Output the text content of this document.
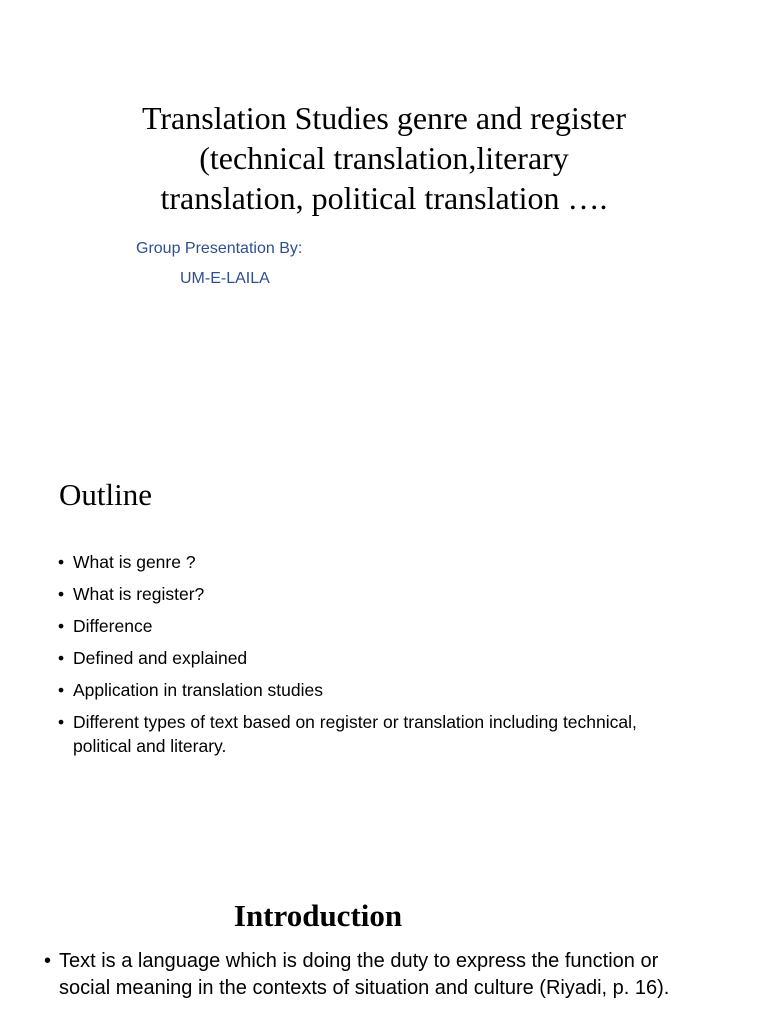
Translation Studies genre and register
(technical translation,literary
translation, political translation ….
Group Presentation By:
UM-E-LAILA
Outline
• What is genre ?
• What is register?
• Difference
• Defined and explained
• Application in translation studies
• Different types of text based on register or translation including technical, political and literary.
Introduction
• Text is a language which is doing the duty to express the function or social meaning in the contexts of situation and culture (Riyadi, p. 16).
